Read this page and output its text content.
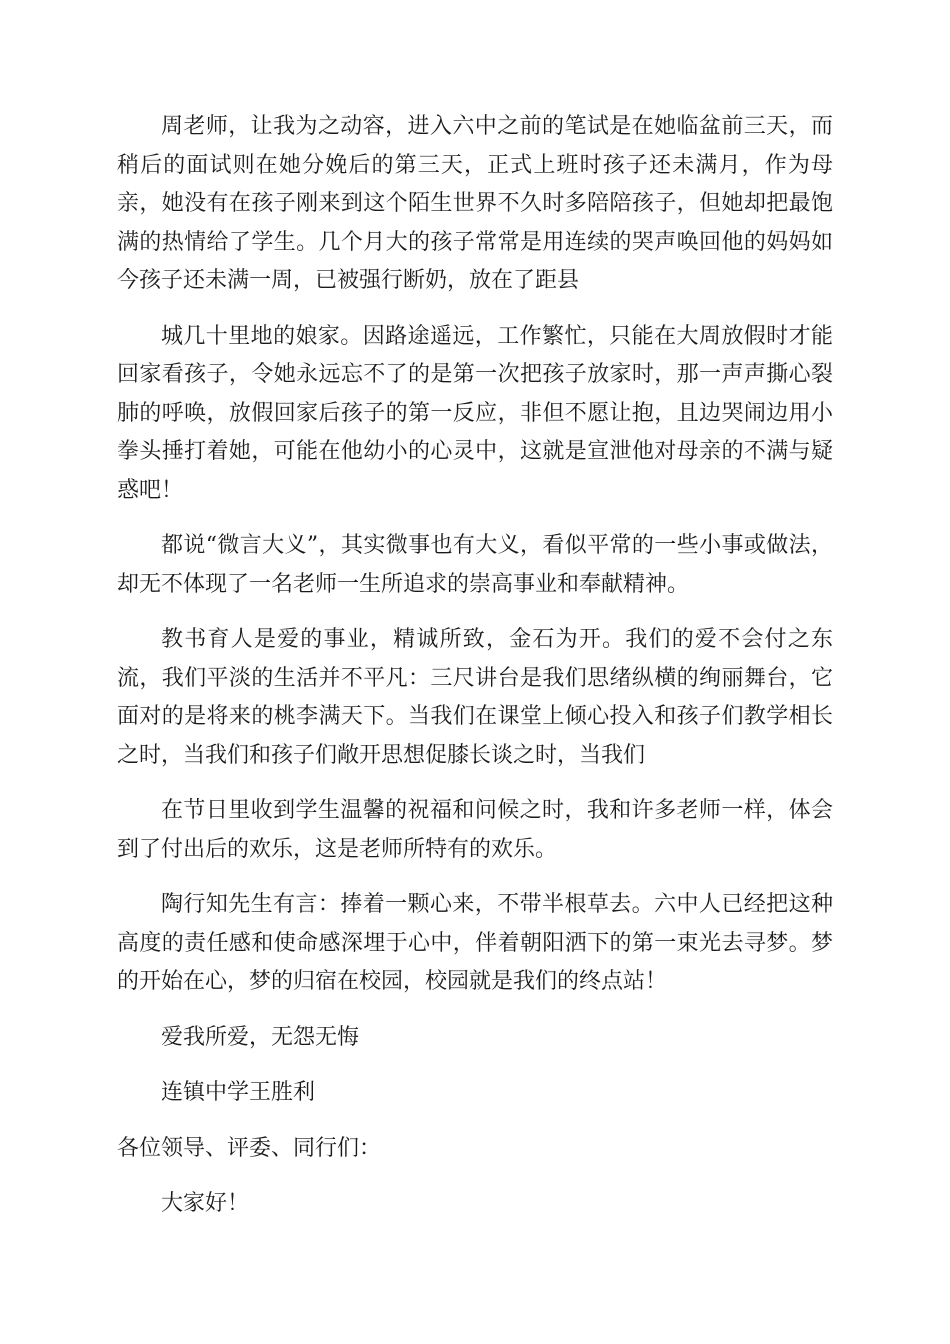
周老师，让我为之动容，进入六中之前的笔试是在她临盆前三天，而稍后的面试则在她分娩后的第三天，正式上班时孩子还未满月，作为母亲，她没有在孩子刚来到这个陌生世界不久时多陪陪孩子，但她却把最饱满的热情给了学生。几个月大的孩子常常是用连续的哭声唤回他的妈妈如今孩子还未满一周，已被强行断奶，放在了距县

城几十里地的娘家。因路途遥远，工作繁忙，只能在大周放假时才能回家看孩子，令她永远忘不了的是第一次把孩子放家时，那一声声撕心裂肺的呼唤，放假回家后孩子的第一反应，非但不愿让抱，且边哭闹边用小拳头捶打着她，可能在他幼小的心灵中，这就是宣泄他对母亲的不满与疑惑吧！

都说“微言大义”，其实微事也有大义，看似平常的一些小事或做法，却无不体现了一名老师一生所追求的崇高事业和奉献精神。

教书育人是爱的事业，精诚所致，金石为开。我们的爱不会付之东流，我们平淡的生活并不平凡：三尺讲台是我们思绪纵横的绚丽舞台，它面对的是将来的桃李满天下。当我们在课堂上倾心投入和孩子们教学相长之时，当我们和孩子们敞开思想促膝长谈之时，当我们

在节日里收到学生温馨的祝福和问候之时，我和许多老师一样，体会到了付出后的欢乐，这是老师所特有的欢乐。

陶行知先生有言：捧着一颗心来，不带半根草去。六中人已经把这种高度的责任感和使命感深埋于心中，伴着朝阳洒下的第一束光去寻梦。梦的开始在心，梦的归宿在校园，校园就是我们的终点站！

爱我所爱，无怨无悔

连镇中学王胜利

各位领导、评委、同行们：

大家好！
